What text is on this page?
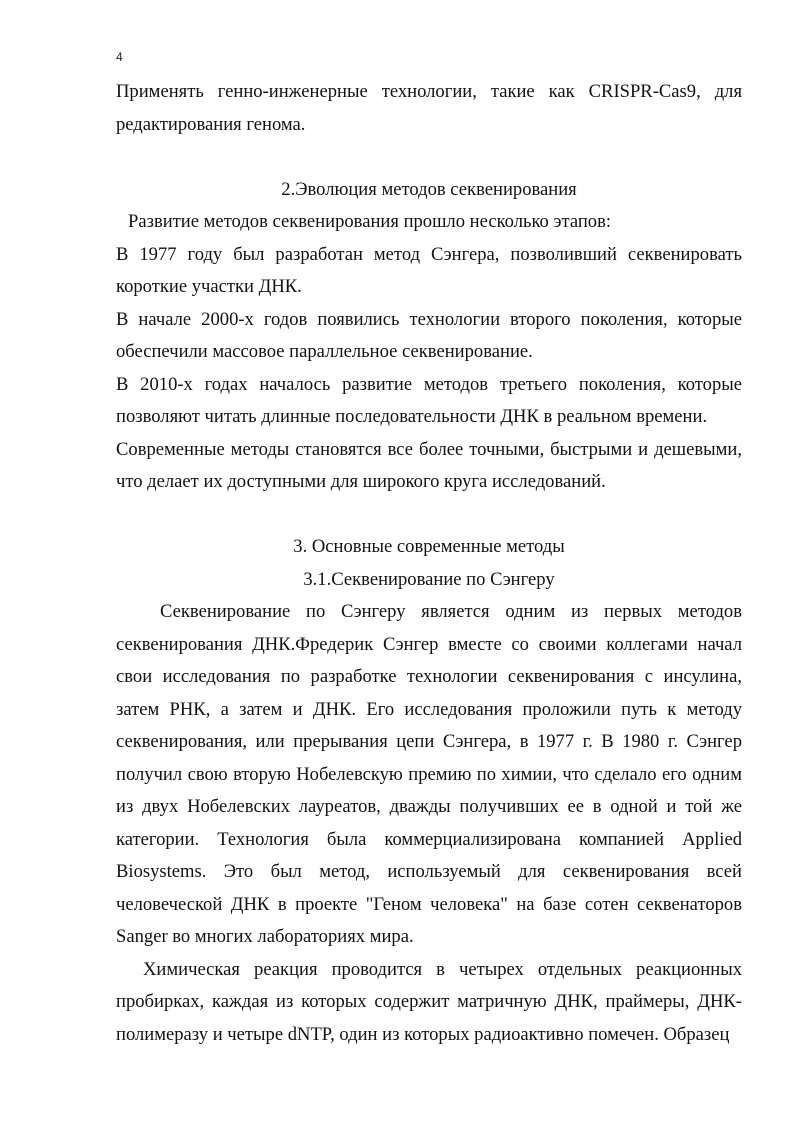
4

Применять генно-инженерные технологии, такие как CRISPR-Cas9, для редактирования генома.

2.Эволюция методов секвенирования

Развитие методов секвенирования прошло несколько этапов:

В 1977 году был разработан метод Сэнгера, позволивший секвенировать короткие участки ДНК.

В начале 2000-х годов появились технологии второго поколения, которые обеспечили массовое параллельное секвенирование.

В 2010-х годах началось развитие методов третьего поколения, которые позволяют читать длинные последовательности ДНК в реальном времени.

Современные методы становятся все более точными, быстрыми и дешевыми, что делает их доступными для широкого круга исследований.

3. Основные современные методы
3.1.Секвенирование по Сэнгеру

Секвенирование по Сэнгеру является одним из первых методов секвенирования ДНК.Фредерик Сэнгер вместе со своими коллегами начал свои исследования по разработке технологии секвенирования с инсулина, затем РНК, а затем и ДНК. Его исследования проложили путь к методу секвенирования, или прерывания цепи Сэнгера, в 1977 г. В 1980 г. Сэнгер получил свою вторую Нобелевскую премию по химии, что сделало его одним из двух Нобелевских лауреатов, дважды получивших ее в одной и той же категории. Технология была коммерциализирована компанией Applied Biosystems. Это был метод, используемый для секвенирования всей человеческой ДНК в проекте "Геном человека" на базе сотен секвенаторов Sanger во многих лабораториях мира.

Химическая реакция проводится в четырех отдельных реакционных пробирках, каждая из которых содержит матричную ДНК, праймеры, ДНК-полимеразу и четыре dNTP, один из которых радиоактивно помечен. Образец
